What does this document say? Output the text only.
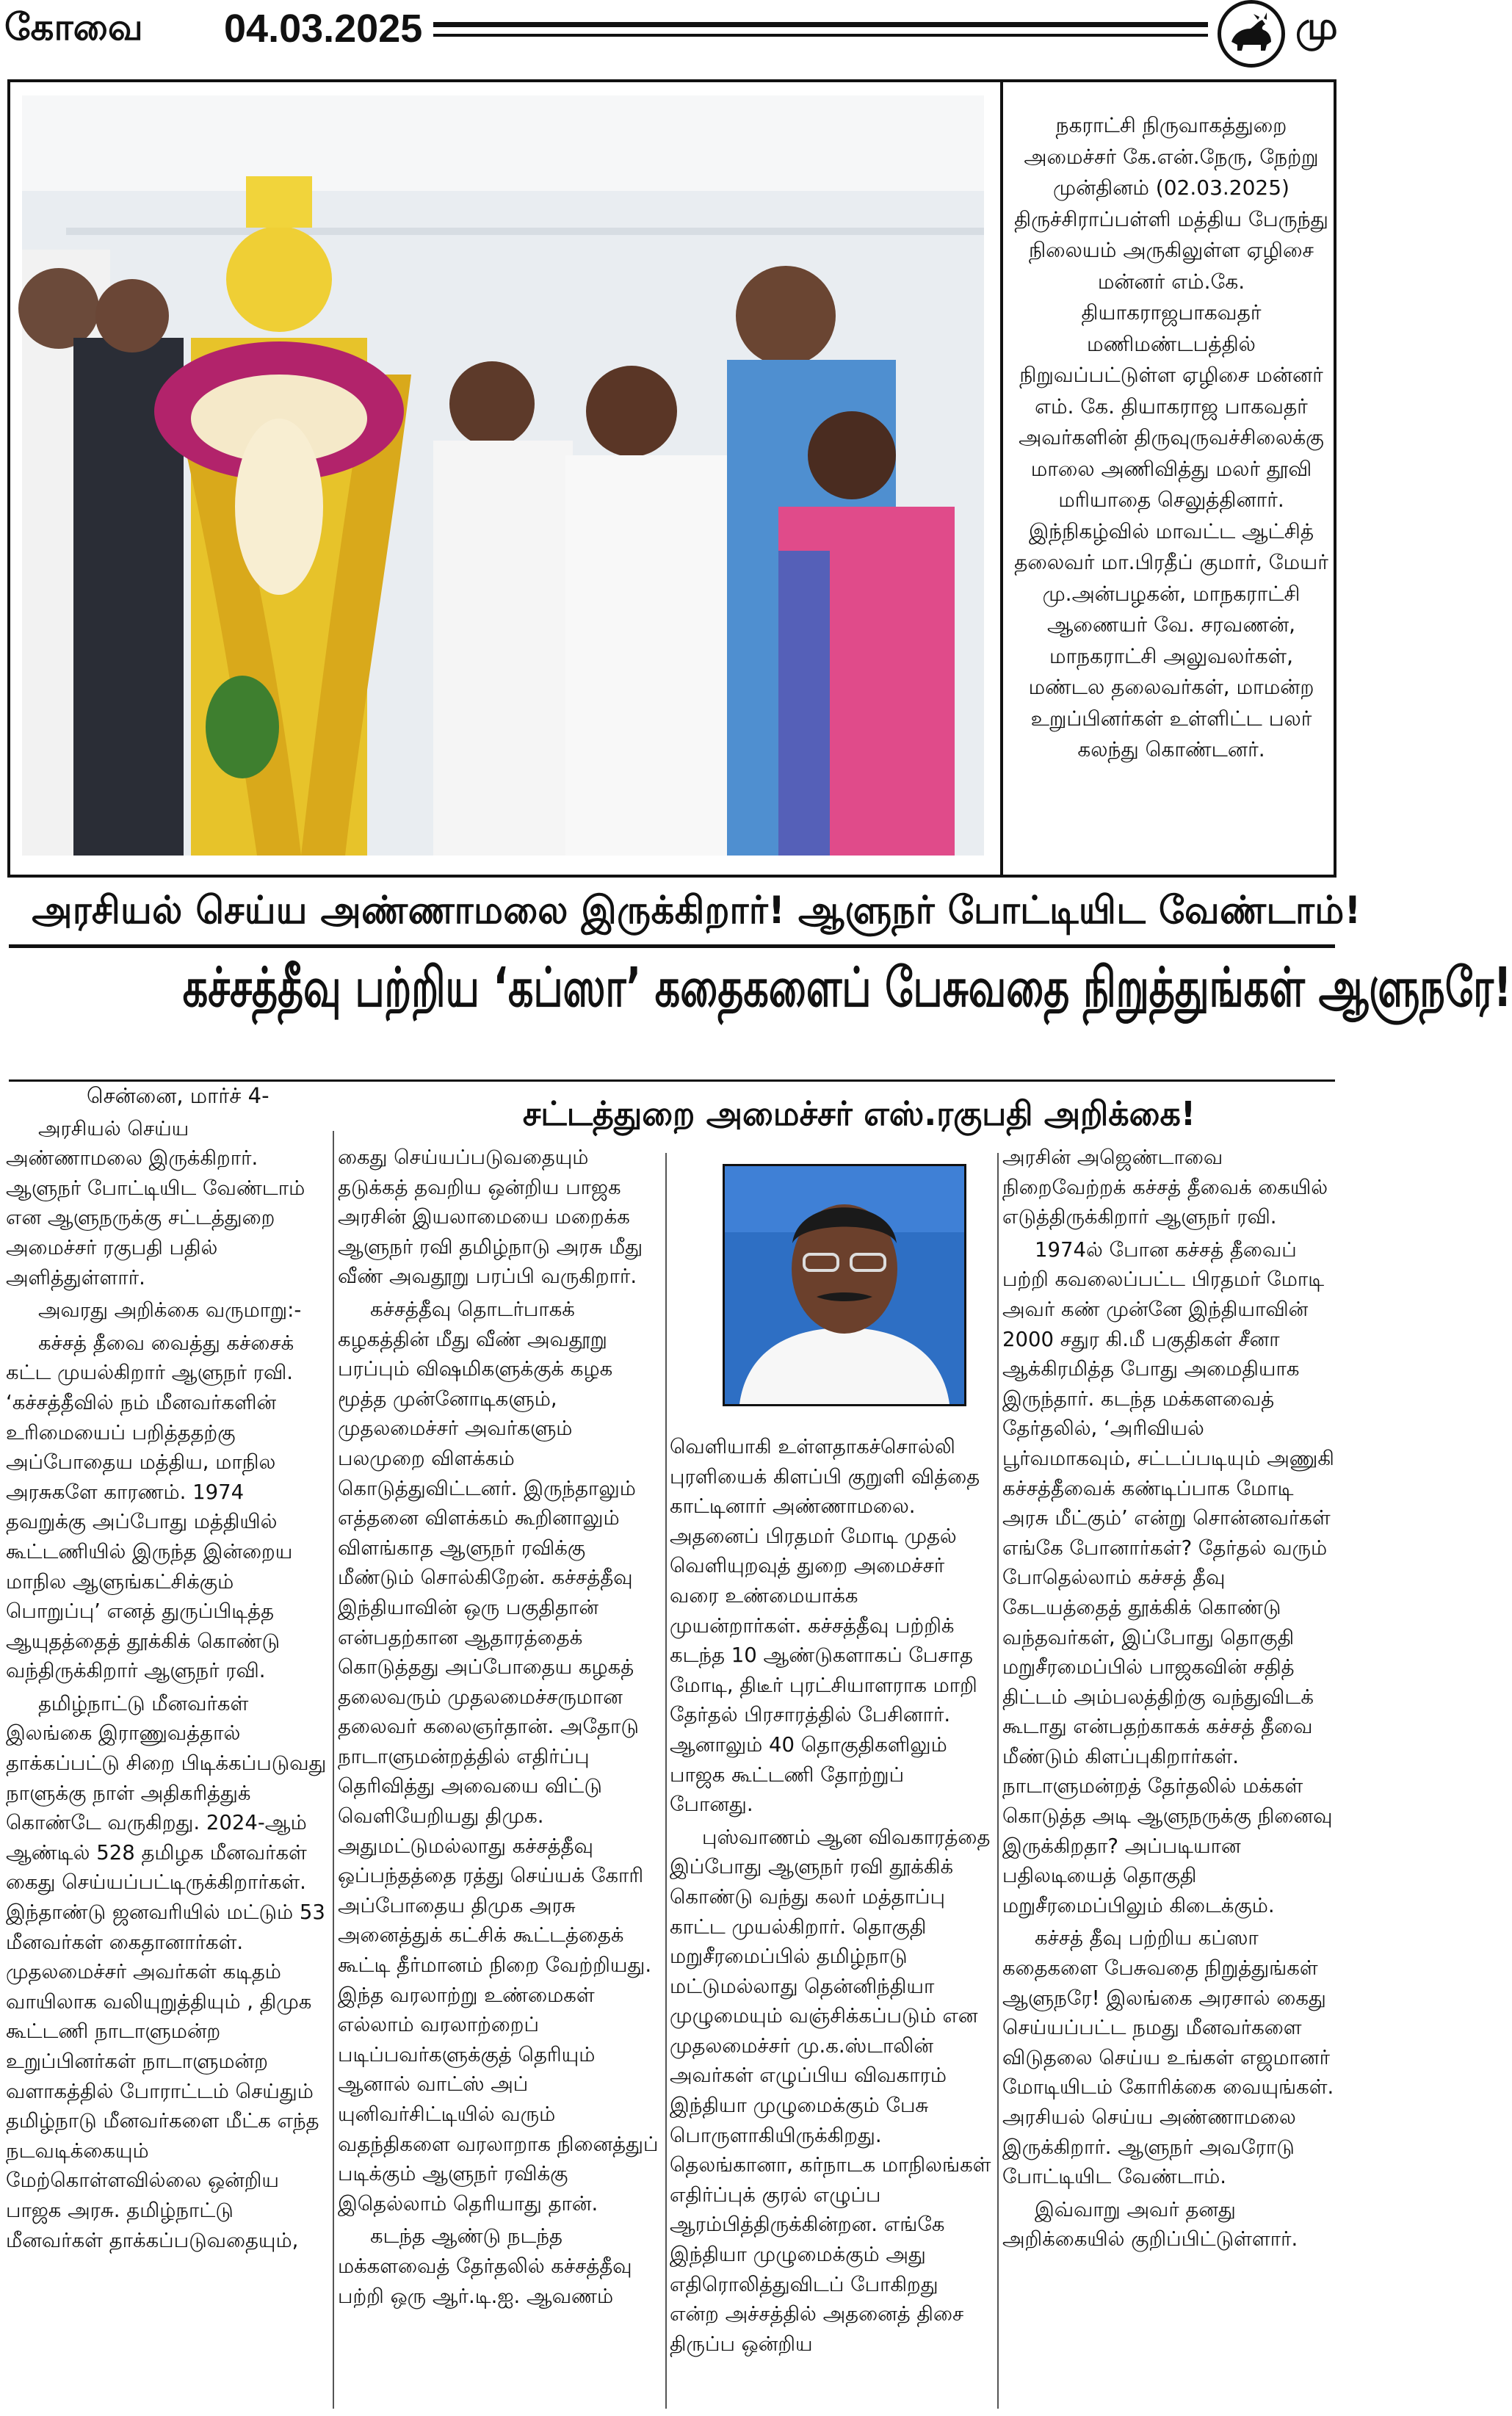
கோவை 04.03.2025	மு
நகராட்சி நிருவாகத்துறை அமைச்சர் கே.என்.நேரு, நேற்று முன்தினம் (02.03.2025) திருச்சிராப்பள்ளி மத்திய பேருந்து நிலையம் அருகிலுள்ள ஏழிசை மன்னர் எம்.கே. தியாகராஜபாகவதர் மணிமண்டபத்தில் நிறுவப்பட்டுள்ள ஏழிசை மன்னர் எம். கே. தியாகராஜ பாகவதர் அவர்களின் திருவுருவச்சிலைக்கு மாலை அணிவித்து மலர் தூவி மரியாதை செலுத்தினார். இந்நிகழ்வில் மாவட்ட ஆட்சித் தலைவர் மா.பிரதீப் குமார், மேயர் மு.அன்பழகன், மாநகராட்சி ஆணையர் வே. சரவணன், மாநகராட்சி அலுவலர்கள், மண்டல தலைவர்கள், மாமன்ற உறுப்பினர்கள் உள்ளிட்ட பலர் கலந்து கொண்டனர்.
அரசியல் செய்ய அண்ணாமலை இருக்கிறார்! ஆளுநர் போட்டியிட வேண்டாம்!
கச்சத்தீவு பற்றிய ‘கப்ஸா’ கதைகளைப் பேசுவதை நிறுத்துங்கள் ஆளுநரே!
சட்டத்துறை அமைச்சர் எஸ்.ரகுபதி அறிக்கை!

சென்னை, மார்ச் 4-

அரசியல் செய்ய அண்ணாமலை இருக்கிறார். ஆளுநர் போட்டியிட வேண்டாம் என ஆளுநருக்கு சட்டத்துறை அமைச்சர் ரகுபதி பதில் அளித்துள்ளார்.

அவரது அறிக்கை வருமாறு:-

கச்சத் தீவை வைத்து கச்சைக் கட்ட முயல்கிறார் ஆளுநர் ரவி. ‘கச்சத்தீவில் நம் மீனவர்களின் உரிமையைப் பறித்ததற்கு அப்போதைய மத்திய, மாநில அரசுகளே காரணம். 1974 தவறுக்கு அப்போது மத்தியில் கூட்டணியில் இருந்த இன்றைய மாநில ஆளுங்கட்சிக்கும் பொறுப்பு’ எனத் துருப்பிடித்த ஆயுதத்தைத் தூக்கிக் கொண்டு வந்திருக்கிறார் ஆளுநர் ரவி.

தமிழ்நாட்டு மீனவர்கள் இலங்கை இராணுவத்தால் தாக்கப்பட்டு சிறை பிடிக்கப்படுவது நாளுக்கு நாள் அதிகரித்துக் கொண்டே வருகிறது. 2024-ஆம் ஆண்டில் 528 தமிழக மீனவர்கள் கைது செய்யப்பட்டிருக்கிறார்கள். இந்தாண்டு ஜனவரியில் மட்டும் 53 மீனவர்கள் கைதானார்கள். முதலமைச்சர் அவர்கள் கடிதம் வாயிலாக வலியுறுத்தியும் , திமுக கூட்டணி நாடாளுமன்ற உறுப்பினர்கள் நாடாளுமன்ற வளாகத்தில் போராட்டம் செய்தும் தமிழ்நாடு மீனவர்களை மீட்க எந்த நடவடிக்கையும் மேற்கொள்ளவில்லை ஒன்றிய பாஜக அரசு. தமிழ்நாட்டு மீனவர்கள் தாக்கப்படுவதையும்,

கைது செய்யப்படுவதையும் தடுக்கத் தவறிய ஒன்றிய பாஜக அரசின் இயலாமையை மறைக்க ஆளுநர் ரவி தமிழ்நாடு அரசு மீது வீண் அவதூறு பரப்பி வருகிறார்.

கச்சத்தீவு தொடர்பாகக் கழகத்தின் மீது வீண் அவதூறு பரப்பும் விஷமிகளுக்குக் கழக மூத்த முன்னோடிகளும், முதலமைச்சர் அவர்களும் பலமுறை விளக்கம் கொடுத்துவிட்டனர். இருந்தாலும் எத்தனை விளக்கம் கூறினாலும் விளங்காத ஆளுநர் ரவிக்கு மீண்டும் சொல்கிறேன். கச்சத்தீவு இந்தியாவின் ஒரு பகுதிதான் என்பதற்கான ஆதாரத்தைக் கொடுத்தது அப்போதைய கழகத் தலைவரும் முதலமைச்சருமான தலைவர் கலைஞர்தான். அதோடு நாடாளுமன்றத்தில் எதிர்ப்பு தெரிவித்து அவையை விட்டு வெளியேறியது திமுக. அதுமட்டுமல்லாது கச்சத்தீவு ஒப்பந்தத்தை ரத்து செய்யக் கோரி அப்போதைய திமுக அரசு அனைத்துக் கட்சிக் கூட்டத்தைக் கூட்டி தீர்மானம் நிறை வேற்றியது. இந்த வரலாற்று உண்மைகள் எல்லாம் வரலாற்றைப் படிப்பவர்களுக்குத் தெரியும் ஆனால் வாட்ஸ் அப் யுனிவர்சிட்டியில் வரும் வதந்திகளை வரலாறாக நினைத்துப் படிக்கும் ஆளுநர் ரவிக்கு இதெல்லாம் தெரியாது தான்.

கடந்த ஆண்டு நடந்த மக்களவைத் தேர்தலில் கச்சத்தீவு பற்றி ஒரு ஆர்.டி.ஐ. ஆவணம்

வெளியாகி உள்ளதாகச்சொல்லி புரளியைக் கிளப்பி குறுளி வித்தை காட்டினார் அண்ணாமலை. அதனைப் பிரதமர் மோடி முதல் வெளியுறவுத் துறை அமைச்சர் வரை உண்மையாக்க முயன்றார்கள். கச்சத்தீவு பற்றிக் கடந்த 10 ஆண்டுகளாகப் பேசாத மோடி, திடீர் புரட்சியாளராக மாறி தேர்தல் பிரசாரத்தில் பேசினார். ஆனாலும் 40 தொகுதிகளிலும் பாஜக கூட்டணி தோற்றுப் போனது.

புஸ்வாணம் ஆன விவகாரத்தை இப்போது ஆளுநர் ரவி தூக்கிக் கொண்டு வந்து கலர் மத்தாப்பு காட்ட முயல்கிறார். தொகுதி மறுசீரமைப்பில் தமிழ்நாடு மட்டுமல்லாது தென்னிந்தியா முழுமையும் வஞ்சிக்கப்படும் என முதலமைச்சர் மு.க.ஸ்டாலின் அவர்கள் எழுப்பிய விவகாரம் இந்தியா முழுமைக்கும் பேசு பொருளாகியிருக்கிறது. தெலங்கானா, கர்நாடக மாநிலங்கள் எதிர்ப்புக் குரல் எழுப்ப ஆரம்பித்திருக்கின்றன. எங்கே இந்தியா முழுமைக்கும் அது எதிரொலித்துவிடப் போகிறது என்ற அச்சத்தில் அதனைத் திசை திருப்ப ஒன்றிய

அரசின் அஜெண்டாவை நிறைவேற்றக் கச்சத் தீவைக் கையில் எடுத்திருக்கிறார் ஆளுநர் ரவி.

1974ல் போன கச்சத் தீவைப் பற்றி கவலைப்பட்ட பிரதமர் மோடி அவர் கண் முன்னே இந்தியாவின் 2000 சதுர கி.மீ பகுதிகள் சீனா ஆக்கிரமித்த போது அமைதியாக இருந்தார். கடந்த மக்களவைத் தேர்தலில், ‘அரிவியல் பூர்வமாகவும், சட்டப்படியும் அணுகி கச்சத்தீவைக் கண்டிப்பாக மோடி அரசு மீட்கும்’ என்று சொன்னவர்கள் எங்கே போனார்கள்? தேர்தல் வரும் போதெல்லாம் கச்சத் தீவு கேடயத்தைத் தூக்கிக் கொண்டு வந்தவர்கள், இப்போது தொகுதி மறுசீரமைப்பில் பாஜகவின் சதித் திட்டம் அம்பலத்திற்கு வந்துவிடக் கூடாது என்பதற்காகக் கச்சத் தீவை மீண்டும் கிளப்புகிறார்கள். நாடாளுமன்றத் தேர்தலில் மக்கள் கொடுத்த அடி ஆளுநருக்கு நினைவு இருக்கிறதா? அப்படியான பதிலடியைத் தொகுதி மறுசீரமைப்பிலும் கிடைக்கும்.

கச்சத் தீவு பற்றிய கப்ஸா கதைகளை பேசுவதை நிறுத்துங்கள் ஆளுநரே! இலங்கை அரசால் கைது செய்யப்பட்ட நமது மீனவர்களை விடுதலை செய்ய உங்கள் எஜமானர் மோடியிடம் கோரிக்கை வையுங்கள். அரசியல் செய்ய அண்ணாமலை இருக்கிறார். ஆளுநர் அவரோடு போட்டியிட வேண்டாம்.

இவ்வாறு அவர் தனது அறிக்கையில் குறிப்பிட்டுள்ளார்.
